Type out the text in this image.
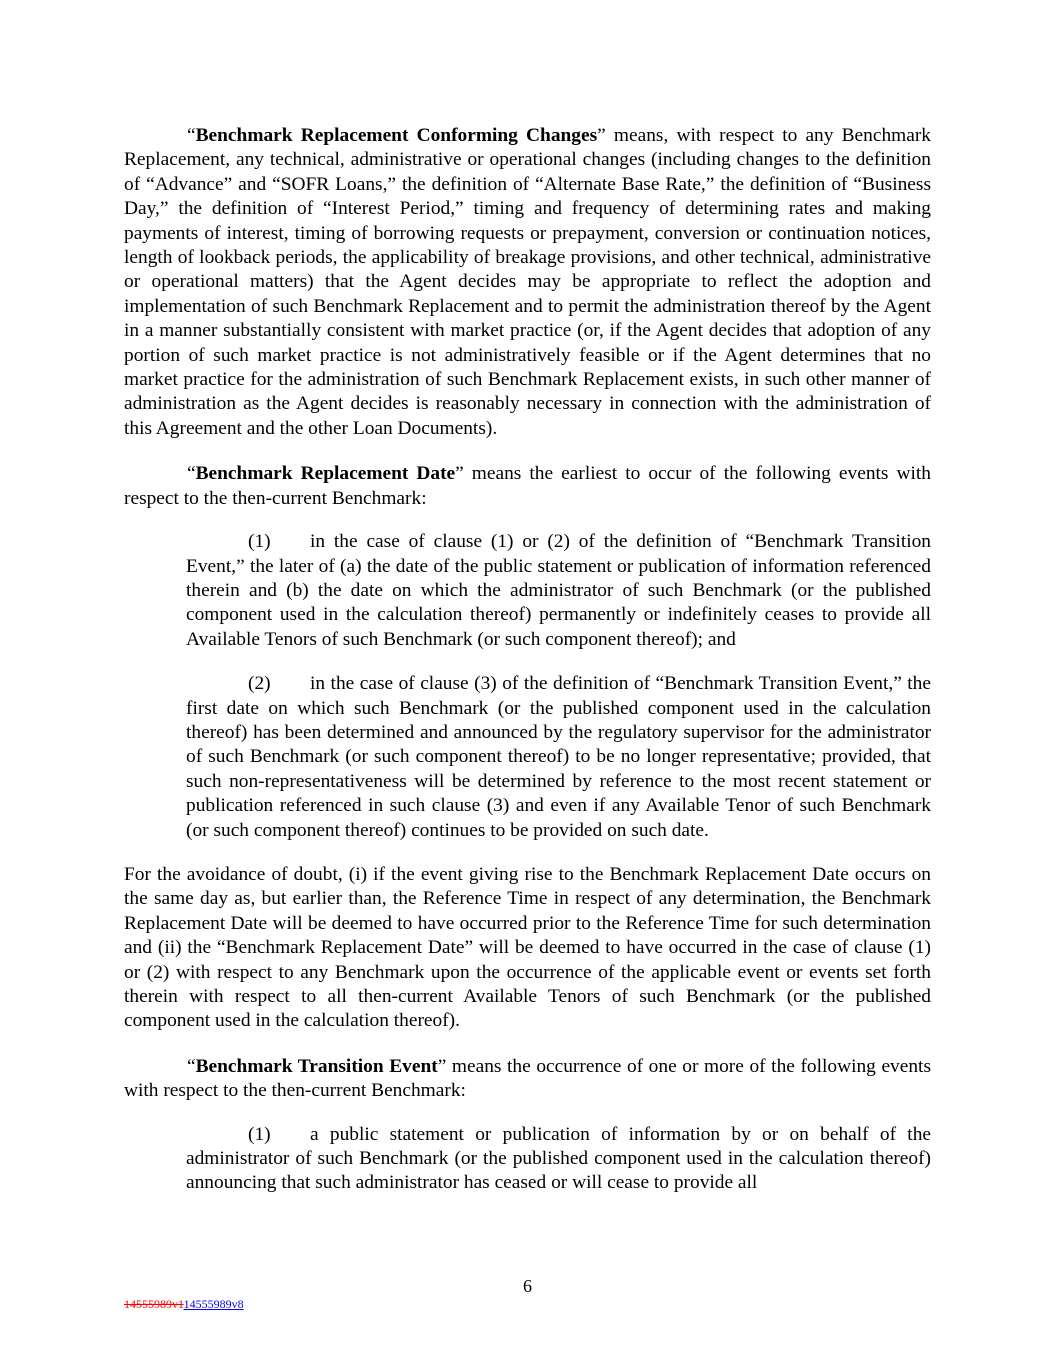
“Benchmark Replacement Conforming Changes” means, with respect to any Benchmark Replacement, any technical, administrative or operational changes (including changes to the definition of “Advance” and “SOFR Loans,” the definition of “Alternate Base Rate,” the definition of “Business Day,” the definition of “Interest Period,” timing and frequency of determining rates and making payments of interest, timing of borrowing requests or prepayment, conversion or continuation notices, length of lookback periods, the applicability of breakage provisions, and other technical, administrative or operational matters) that the Agent decides may be appropriate to reflect the adoption and implementation of such Benchmark Replacement and to permit the administration thereof by the Agent in a manner substantially consistent with market practice (or, if the Agent decides that adoption of any portion of such market practice is not administratively feasible or if the Agent determines that no market practice for the administration of such Benchmark Replacement exists, in such other manner of administration as the Agent decides is reasonably necessary in connection with the administration of this Agreement and the other Loan Documents).

“Benchmark Replacement Date” means the earliest to occur of the following events with respect to the then-current Benchmark:

(1) in the case of clause (1) or (2) of the definition of “Benchmark Transition Event,” the later of (a) the date of the public statement or publication of information referenced therein and (b) the date on which the administrator of such Benchmark (or the published component used in the calculation thereof) permanently or indefinitely ceases to provide all Available Tenors of such Benchmark (or such component thereof); and

(2) in the case of clause (3) of the definition of “Benchmark Transition Event,” the first date on which such Benchmark (or the published component used in the calculation thereof) has been determined and announced by the regulatory supervisor for the administrator of such Benchmark (or such component thereof) to be no longer representative; provided, that such non-representativeness will be determined by reference to the most recent statement or publication referenced in such clause (3) and even if any Available Tenor of such Benchmark (or such component thereof) continues to be provided on such date.

For the avoidance of doubt, (i) if the event giving rise to the Benchmark Replacement Date occurs on the same day as, but earlier than, the Reference Time in respect of any determination, the Benchmark Replacement Date will be deemed to have occurred prior to the Reference Time for such determination and (ii) the “Benchmark Replacement Date” will be deemed to have occurred in the case of clause (1) or (2) with respect to any Benchmark upon the occurrence of the applicable event or events set forth therein with respect to all then-current Available Tenors of such Benchmark (or the published component used in the calculation thereof).

“Benchmark Transition Event” means the occurrence of one or more of the following events with respect to the then-current Benchmark:

(1) a public statement or publication of information by or on behalf of the administrator of such Benchmark (or the published component used in the calculation thereof) announcing that such administrator has ceased or will cease to provide all

6
14555989v114555989v8
